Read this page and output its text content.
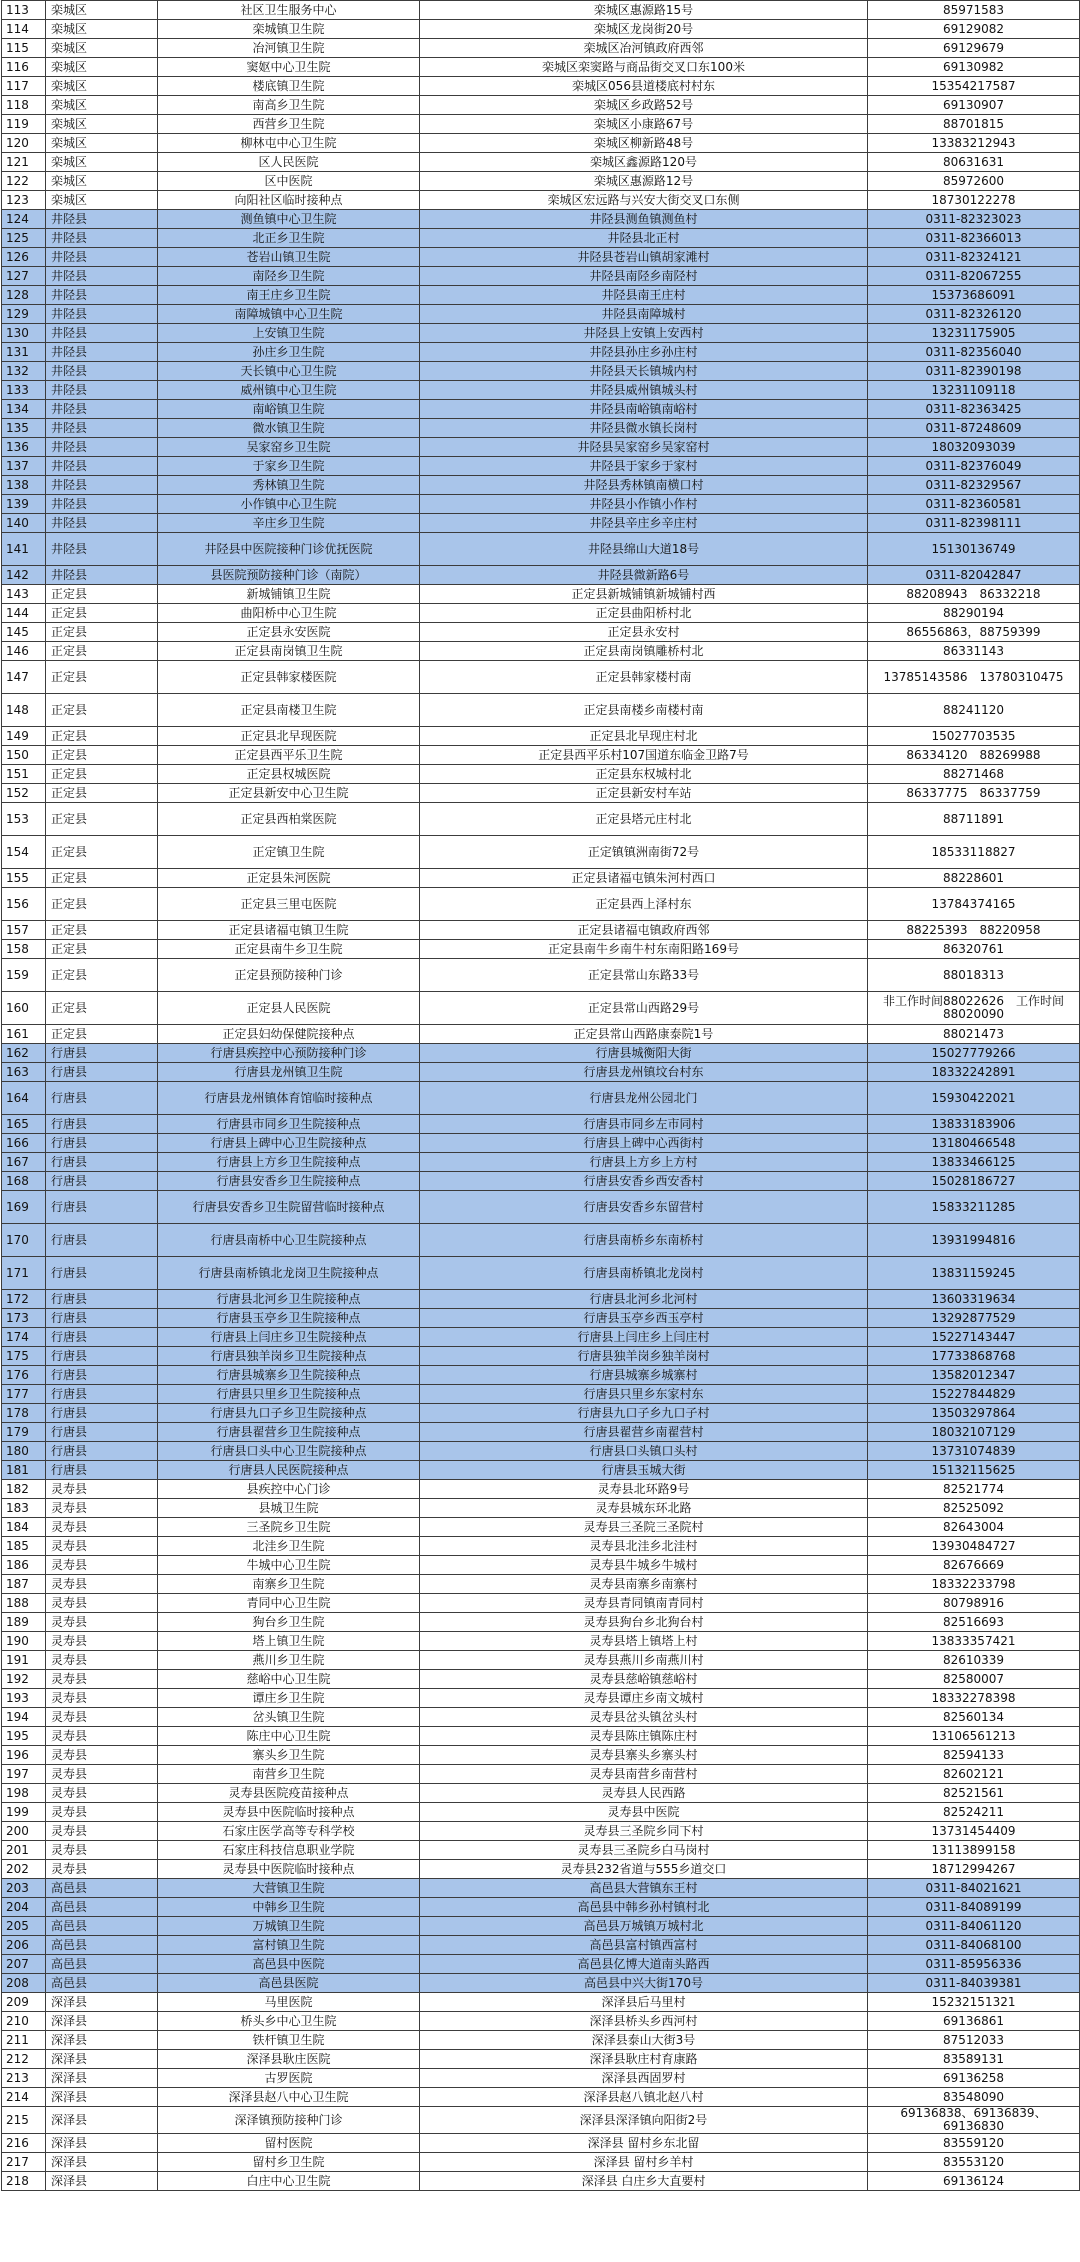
113	栾城区	社区卫生服务中心	栾城区惠源路15号	85971583
114	栾城区	栾城镇卫生院	栾城区龙岗街20号	69129082
115	栾城区	冶河镇卫生院	栾城区冶河镇政府西邻	69129679
116	栾城区	窦妪中心卫生院	栾城区栾窦路与商品街交叉口东100米	69130982
117	栾城区	楼底镇卫生院	栾城区056县道楼底村村东	15354217587
118	栾城区	南高乡卫生院	栾城区乡政路52号	69130907
119	栾城区	西营乡卫生院	栾城区小康路67号	88701815
120	栾城区	柳林屯中心卫生院	栾城区柳新路48号	13383212943
121	栾城区	区人民医院	栾城区鑫源路120号	80631631
122	栾城区	区中医院	栾城区惠源路12号	85972600
123	栾城区	向阳社区临时接种点	栾城区宏远路与兴安大街交叉口东侧	18730122278
124	井陉县	测鱼镇中心卫生院	井陉县测鱼镇测鱼村	0311-82323023
125	井陉县	北正乡卫生院	井陉县北正村	0311-82366013
126	井陉县	苍岩山镇卫生院	井陉县苍岩山镇胡家滩村	0311-82324121
127	井陉县	南陉乡卫生院	井陉县南陉乡南陉村	0311-82067255
128	井陉县	南王庄乡卫生院	井陉县南王庄村	15373686091
129	井陉县	南障城镇中心卫生院	井陉县南障城村	0311-82326120
130	井陉县	上安镇卫生院	井陉县上安镇上安西村	13231175905
131	井陉县	孙庄乡卫生院	井陉县孙庄乡孙庄村	0311-82356040
132	井陉县	天长镇中心卫生院	井陉县天长镇城内村	0311-82390198
133	井陉县	威州镇中心卫生院	井陉县威州镇城头村	13231109118
134	井陉县	南峪镇卫生院	井陉县南峪镇南峪村	0311-82363425
135	井陉县	微水镇卫生院	井陉县微水镇长岗村	0311-87248609
136	井陉县	吴家窑乡卫生院	井陉县吴家窑乡吴家窑村	18032093039
137	井陉县	于家乡卫生院	井陉县于家乡于家村	0311-82376049
138	井陉县	秀林镇卫生院	井陉县秀林镇南横口村	0311-82329567
139	井陉县	小作镇中心卫生院	井陉县小作镇小作村	0311-82360581
140	井陉县	辛庄乡卫生院	井陉县辛庄乡辛庄村	0311-82398111
141	井陉县	井陉县中医院接种门诊优抚医院	井陉县绵山大道18号	15130136749
142	井陉县	县医院预防接种门诊（南院）	井陉县微新路6号	0311-82042847
143	正定县	新城铺镇卫生院	正定县新城铺镇新城铺村西	88208943　86332218
144	正定县	曲阳桥中心卫生院	正定县曲阳桥村北	88290194
145	正定县	正定县永安医院	正定县永安村	86556863，88759399
146	正定县	正定县南岗镇卫生院	正定县南岗镇雕桥村北	86331143
147	正定县	正定县韩家楼医院	正定县韩家楼村南	13785143586　13780310475
148	正定县	正定县南楼卫生院	正定县南楼乡南楼村南	88241120
149	正定县	正定县北早现医院	正定县北早现庄村北	15027703535
150	正定县	正定县西平乐卫生院	正定县西平乐村107国道东临金卫路7号	86334120　88269988
151	正定县	正定县权城医院	正定县东权城村北	88271468
152	正定县	正定县新安中心卫生院	正定县新安村车站	86337775　86337759
153	正定县	正定县西柏棠医院	正定县塔元庄村北	88711891
154	正定县	正定镇卫生院	正定镇镇洲南街72号	18533118827
155	正定县	正定县朱河医院	正定县诸福屯镇朱河村西口	88228601
156	正定县	正定县三里屯医院	正定县西上泽村东	13784374165
157	正定县	正定县诸福屯镇卫生院	正定县诸福屯镇政府西邻	88225393　88220958
158	正定县	正定县南牛乡卫生院	正定县南牛乡南牛村东南阳路169号	86320761
159	正定县	正定县预防接种门诊	正定县常山东路33号	88018313
160	正定县	正定县人民医院	正定县常山西路29号	非工作时间88022626　工作时间88020090
161	正定县	正定县妇幼保健院接种点	正定县常山西路康泰院1号	88021473
162	行唐县	行唐县疾控中心预防接种门诊	行唐县城衡阳大街	15027779266
163	行唐县	行唐县龙州镇卫生院	行唐县龙州镇坟台村东	18332242891
164	行唐县	行唐县龙州镇体育馆临时接种点	行唐县龙州公园北门	15930422021
165	行唐县	行唐县市同乡卫生院接种点	行唐县市同乡左市同村	13833183906
166	行唐县	行唐县上碑中心卫生院接种点	行唐县上碑中心西街村	13180466548
167	行唐县	行唐县上方乡卫生院接种点	行唐县上方乡上方村	13833466125
168	行唐县	行唐县安香乡卫生院接种点	行唐县安香乡西安香村	15028186727
169	行唐县	行唐县安香乡卫生院留营临时接种点	行唐县安香乡东留营村	15833211285
170	行唐县	行唐县南桥中心卫生院接种点	行唐县南桥乡东南桥村	13931994816
171	行唐县	行唐县南桥镇北龙岗卫生院接种点	行唐县南桥镇北龙岗村	13831159245
172	行唐县	行唐县北河乡卫生院接种点	行唐县北河乡北河村	13603319634
173	行唐县	行唐县玉亭乡卫生院接种点	行唐县玉亭乡西玉亭村	13292877529
174	行唐县	行唐县上闫庄乡卫生院接种点	行唐县上闫庄乡上闫庄村	15227143447
175	行唐县	行唐县独羊岗乡卫生院接种点	行唐县独羊岗乡独羊岗村	17733868768
176	行唐县	行唐县城寨乡卫生院接种点	行唐县城寨乡城寨村	13582012347
177	行唐县	行唐县只里乡卫生院接种点	行唐县只里乡东家村东	15227844829
178	行唐县	行唐县九口子乡卫生院接种点	行唐县九口子乡九口子村	13503297864
179	行唐县	行唐县翟营乡卫生院接种点	行唐县翟营乡南翟营村	18032107129
180	行唐县	行唐县口头中心卫生院接种点	行唐县口头镇口头村	13731074839
181	行唐县	行唐县人民医院接种点	行唐县玉城大街	15132115625
182	灵寿县	县疾控中心门诊	灵寿县北环路9号	82521774
183	灵寿县	县城卫生院	灵寿县城东环北路	82525092
184	灵寿县	三圣院乡卫生院	灵寿县三圣院三圣院村	82643004
185	灵寿县	北洼乡卫生院	灵寿县北洼乡北洼村	13930484727
186	灵寿县	牛城中心卫生院	灵寿县牛城乡牛城村	82676669
187	灵寿县	南寨乡卫生院	灵寿县南寨乡南寨村	18332233798
188	灵寿县	青同中心卫生院	灵寿县青同镇南青同村	80798916
189	灵寿县	狗台乡卫生院	灵寿县狗台乡北狗台村	82516693
190	灵寿县	塔上镇卫生院	灵寿县塔上镇塔上村	13833357421
191	灵寿县	燕川乡卫生院	灵寿县燕川乡南燕川村	82610339
192	灵寿县	慈峪中心卫生院	灵寿县慈峪镇慈峪村	82580007
193	灵寿县	谭庄乡卫生院	灵寿县谭庄乡南文城村	18332278398
194	灵寿县	岔头镇卫生院	灵寿县岔头镇岔头村	82560134
195	灵寿县	陈庄中心卫生院	灵寿县陈庄镇陈庄村	13106561213
196	灵寿县	寨头乡卫生院	灵寿县寨头乡寨头村	82594133
197	灵寿县	南营乡卫生院	灵寿县南营乡南营村	82602121
198	灵寿县	灵寿县医院疫苗接种点	灵寿县人民西路	82521561
199	灵寿县	灵寿县中医院临时接种点	灵寿县中医院	82524211
200	灵寿县	石家庄医学高等专科学校	灵寿县三圣院乡同下村	13731454409
201	灵寿县	石家庄科技信息职业学院	灵寿县三圣院乡白马岗村	13113899158
202	灵寿县	灵寿县中医院临时接种点	灵寿县232省道与555乡道交口	18712994267
203	高邑县	大营镇卫生院	高邑县大营镇东王村	0311-84021621
204	高邑县	中韩乡卫生院	高邑县中韩乡孙村镇村北	0311-84089199
205	高邑县	万城镇卫生院	高邑县万城镇万城村北	0311-84061120
206	高邑县	富村镇卫生院	高邑县富村镇西富村	0311-84068100
207	高邑县	高邑县中医院	高邑县亿博大道南头路西	0311-85956336
208	高邑县	高邑县医院	高邑县中兴大街170号	0311-84039381
209	深泽县	马里医院	深泽县后马里村	15232151321
210	深泽县	桥头乡中心卫生院	深泽县桥头乡西河村	69136861
211	深泽县	铁杆镇卫生院	深泽县泰山大街3号	87512033
212	深泽县	深泽县耿庄医院	深泽县耿庄村育康路	83589131
213	深泽县	古罗医院	深泽县西固罗村	69136258
214	深泽县	深泽县赵八中心卫生院	深泽县赵八镇北赵八村	83548090
215	深泽县	深泽镇预防接种门诊	深泽县深泽镇向阳街2号	69136838、69136839、69136830
216	深泽县	留村医院	深泽县 留村乡东北留	83559120
217	深泽县	留村乡卫生院	深泽县 留村乡羊村	83553120
218	深泽县	白庄中心卫生院	深泽县 白庄乡大直要村	69136124
